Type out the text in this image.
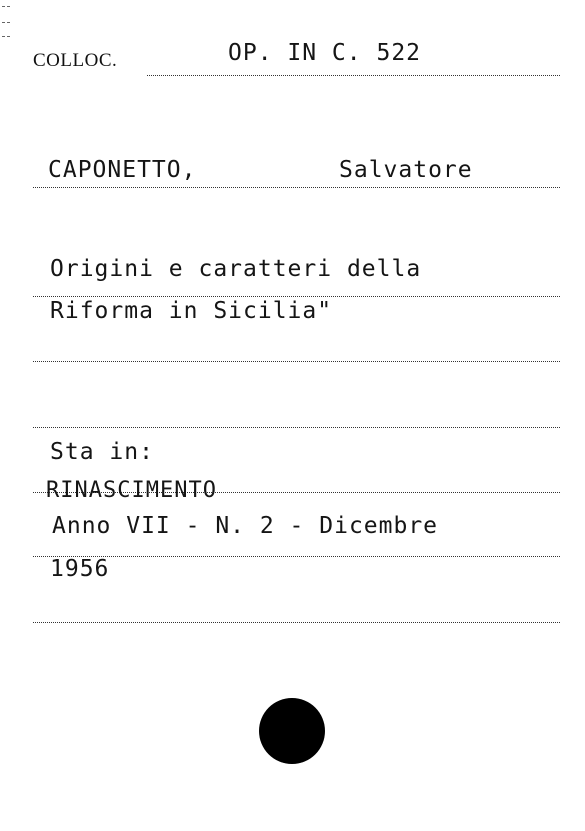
COLLOC.	OP. IN C. 522
CAPONETTO,	Salvatore
Origini e caratteri della
Riforma in Sicilia"
Sta in:
RINASCIMENTO
Anno VII - N. 2 - Dicembre
1956
